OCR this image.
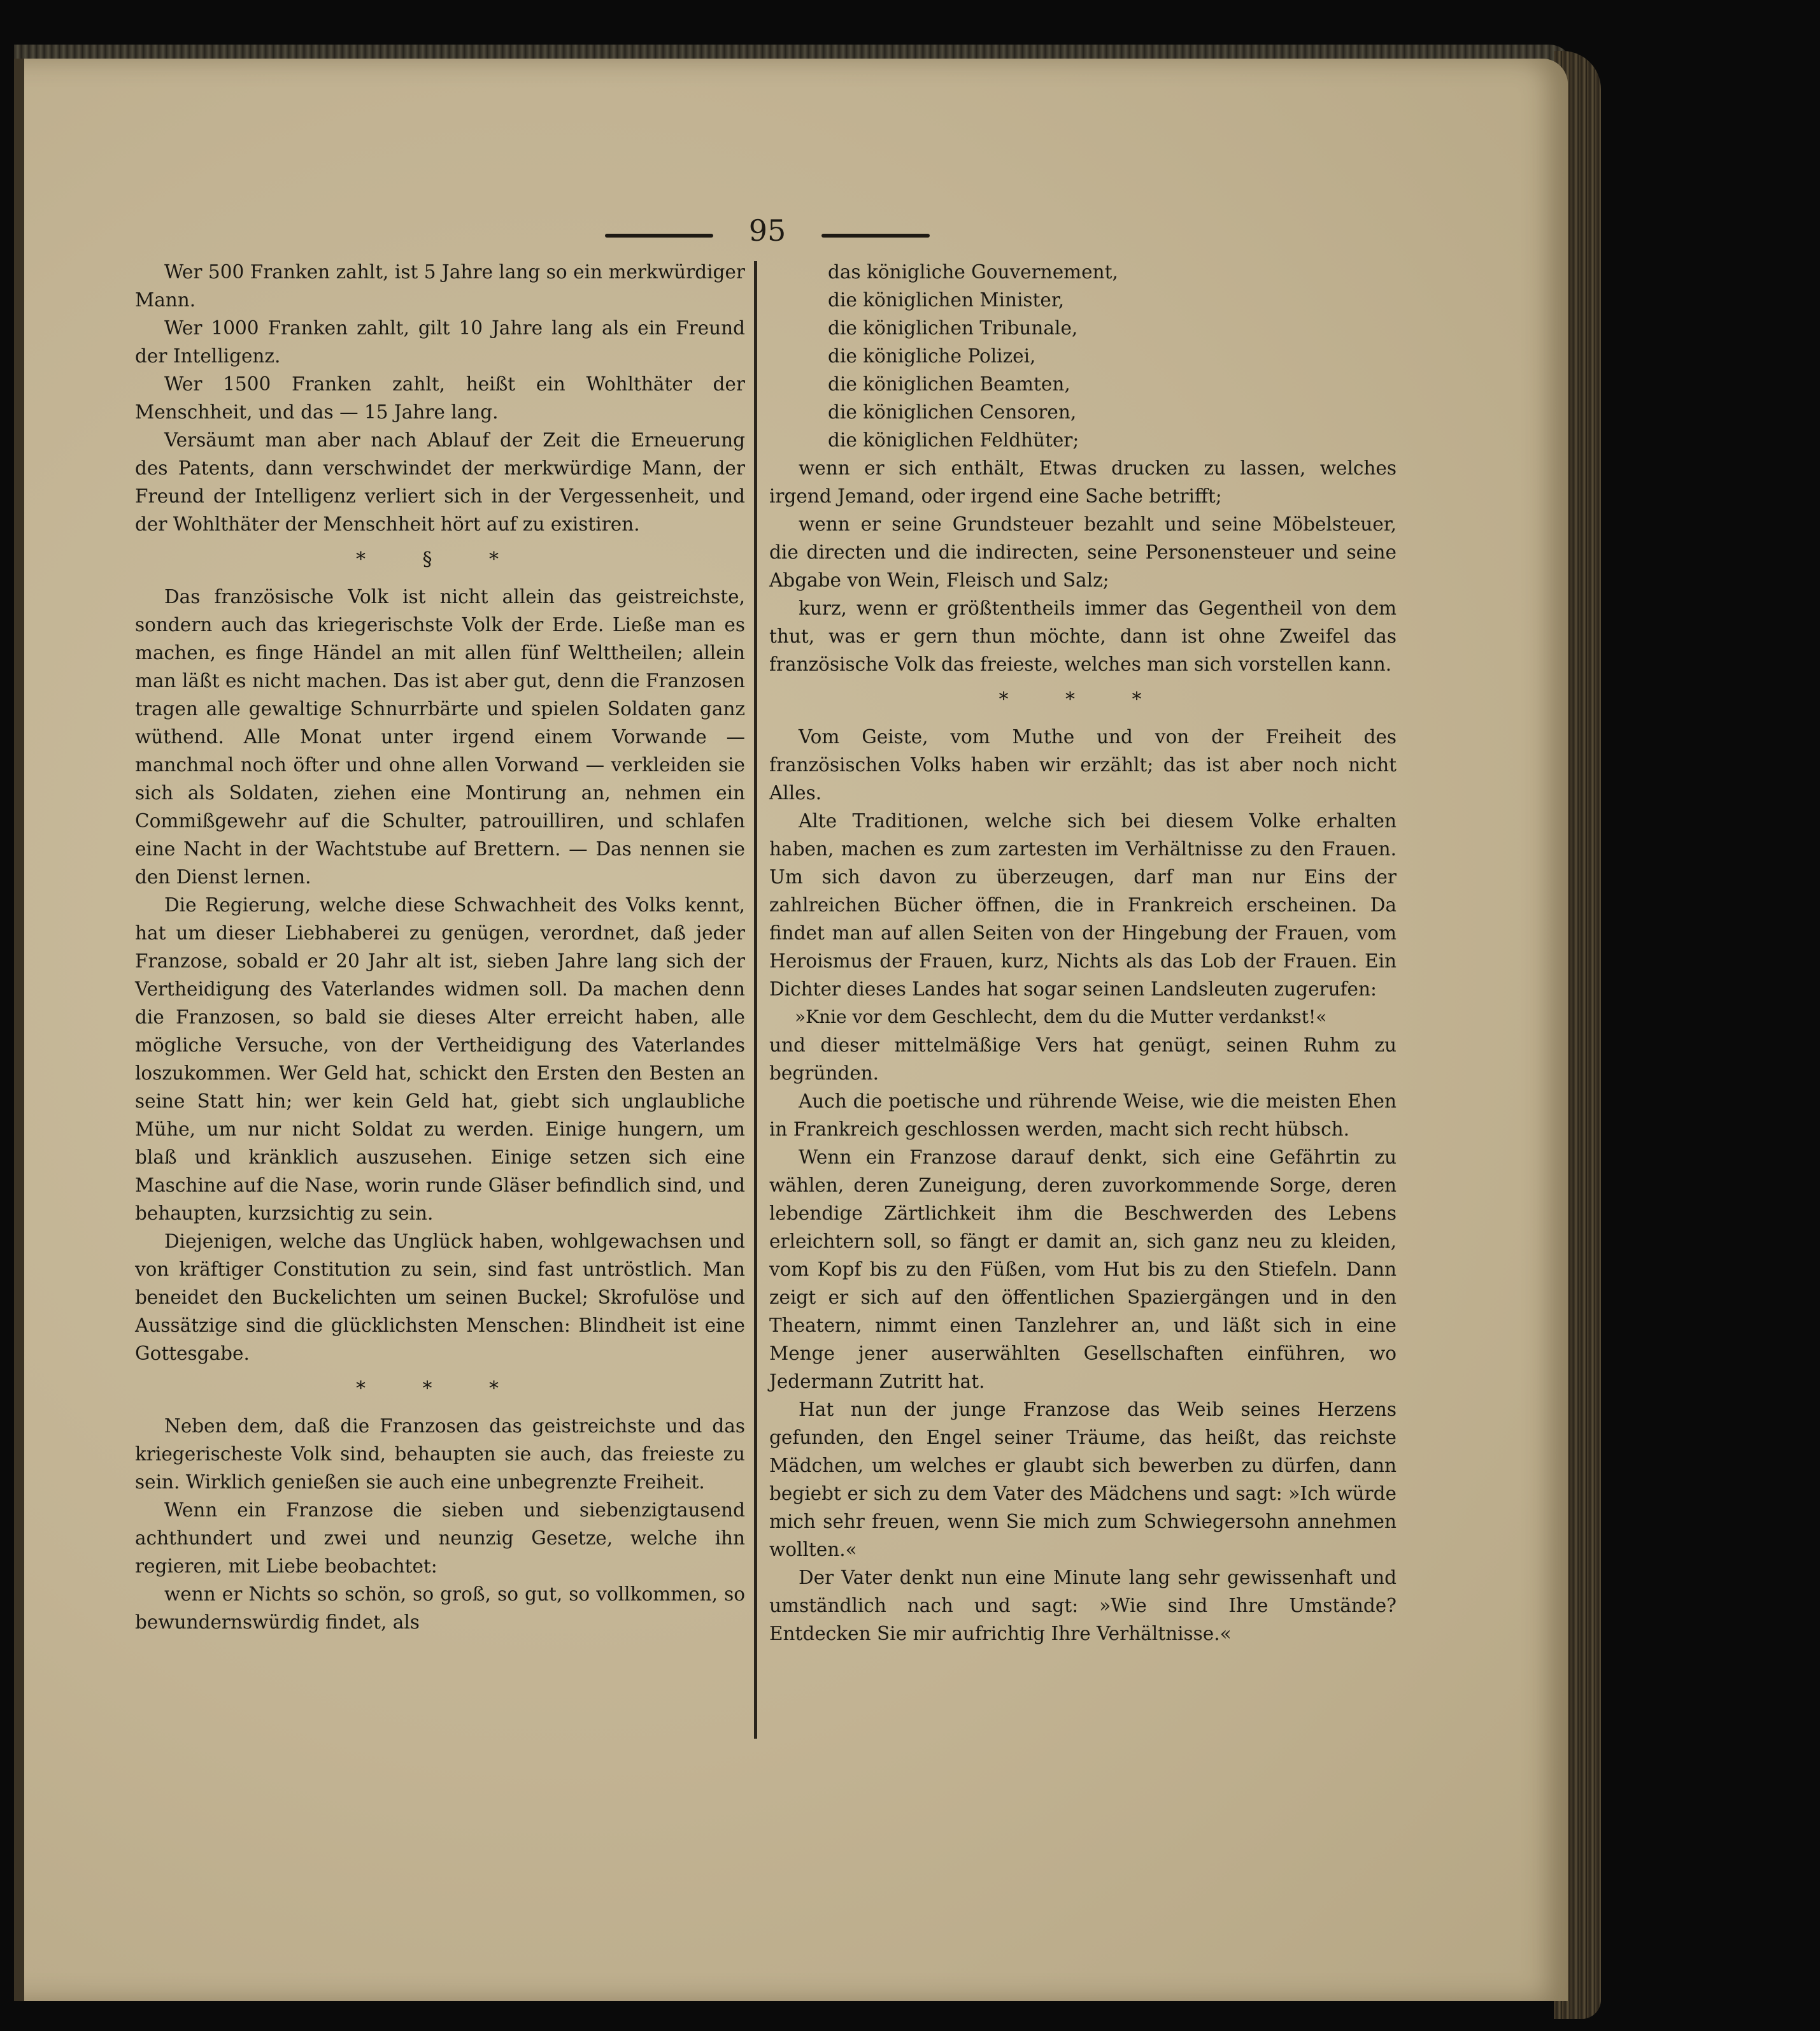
95

Wer 500 Franken zahlt, ist 5 Jahre lang so ein merkwürdiger Mann.

Wer 1000 Franken zahlt, gilt 10 Jahre lang als ein Freund der Intelligenz.

Wer 1500 Franken zahlt, heißt ein Wohlthäter der Menschheit, und das — 15 Jahre lang.

Versäumt man aber nach Ablauf der Zeit die Erneuerung des Patents, dann verschwindet der merkwürdige Mann, der Freund der Intelligenz verliert sich in der Vergessenheit, und der Wohlthäter der Menschheit hört auf zu existiren.

* § *

Das französische Volk ist nicht allein das geistreichste, sondern auch das kriegerischste Volk der Erde. Ließe man es machen, es finge Händel an mit allen fünf Welttheilen; allein man läßt es nicht machen. Das ist aber gut, denn die Franzosen tragen alle gewaltige Schnurrbärte und spielen Soldaten ganz wüthend. Alle Monat unter irgend einem Vorwande — manchmal noch öfter und ohne allen Vorwand — verkleiden sie sich als Soldaten, ziehen eine Montirung an, nehmen ein Commißgewehr auf die Schulter, patrouilliren, und schlafen eine Nacht in der Wachtstube auf Brettern. — Das nennen sie den Dienst lernen.

Die Regierung, welche diese Schwachheit des Volks kennt, hat um dieser Liebhaberei zu genügen, verordnet, daß jeder Franzose, sobald er 20 Jahr alt ist, sieben Jahre lang sich der Vertheidigung des Vaterlandes widmen soll. Da machen denn die Franzosen, so bald sie dieses Alter erreicht haben, alle mögliche Versuche, von der Vertheidigung des Vaterlandes loszukommen. Wer Geld hat, schickt den Ersten den Besten an seine Statt hin; wer kein Geld hat, giebt sich unglaubliche Mühe, um nur nicht Soldat zu werden. Einige hungern, um blaß und kränklich auszusehen. Einige setzen sich eine Maschine auf die Nase, worin runde Gläser befindlich sind, und behaupten, kurzsichtig zu sein.

Diejenigen, welche das Unglück haben, wohlgewachsen und von kräftiger Constitution zu sein, sind fast untröstlich. Man beneidet den Buckelichten um seinen Buckel; Skrofulöse und Aussätzige sind die glücklichsten Menschen: Blindheit ist eine Gottesgabe.

* * *

Neben dem, daß die Franzosen das geistreichste und das kriegerischeste Volk sind, behaupten sie auch, das freieste zu sein. Wirklich genießen sie auch eine unbegrenzte Freiheit.

Wenn ein Franzose die sieben und siebenzigtausend achthundert und zwei und neunzig Gesetze, welche ihn regieren, mit Liebe beobachtet:

wenn er Nichts so schön, so groß, so gut, so vollkommen, so bewundernswürdig findet, als

das königliche Gouvernement,
die königlichen Minister,
die königlichen Tribunale,
die königliche Polizei,
die königlichen Beamten,
die königlichen Censoren,
die königlichen Feldhüter;

wenn er sich enthält, Etwas drucken zu lassen, welches irgend Jemand, oder irgend eine Sache betrifft;

wenn er seine Grundsteuer bezahlt und seine Möbelsteuer, die directen und die indirecten, seine Personensteuer und seine Abgabe von Wein, Fleisch und Salz;

kurz, wenn er größtentheils immer das Gegentheil von dem thut, was er gern thun möchte, dann ist ohne Zweifel das französische Volk das freieste, welches man sich vorstellen kann.

* * *

Vom Geiste, vom Muthe und von der Freiheit des französischen Volks haben wir erzählt; das ist aber noch nicht Alles.

Alte Traditionen, welche sich bei diesem Volke erhalten haben, machen es zum zartesten im Verhältnisse zu den Frauen. Um sich davon zu überzeugen, darf man nur Eins der zahlreichen Bücher öffnen, die in Frankreich erscheinen. Da findet man auf allen Seiten von der Hingebung der Frauen, vom Heroismus der Frauen, kurz, Nichts als das Lob der Frauen. Ein Dichter dieses Landes hat sogar seinen Landsleuten zugerufen:

»Knie vor dem Geschlecht, dem du die Mutter verdankst!«

und dieser mittelmäßige Vers hat genügt, seinen Ruhm zu begründen.

Auch die poetische und rührende Weise, wie die meisten Ehen in Frankreich geschlossen werden, macht sich recht hübsch.

Wenn ein Franzose darauf denkt, sich eine Gefährtin zu wählen, deren Zuneigung, deren zuvorkommende Sorge, deren lebendige Zärtlichkeit ihm die Beschwerden des Lebens erleichtern soll, so fängt er damit an, sich ganz neu zu kleiden, vom Kopf bis zu den Füßen, vom Hut bis zu den Stiefeln. Dann zeigt er sich auf den öffentlichen Spaziergängen und in den Theatern, nimmt einen Tanzlehrer an, und läßt sich in eine Menge jener auserwählten Gesellschaften einführen, wo Jedermann Zutritt hat.

Hat nun der junge Franzose das Weib seines Herzens gefunden, den Engel seiner Träume, das heißt, das reichste Mädchen, um welches er glaubt sich bewerben zu dürfen, dann begiebt er sich zu dem Vater des Mädchens und sagt: »Ich würde mich sehr freuen, wenn Sie mich zum Schwiegersohn annehmen wollten.«

Der Vater denkt nun eine Minute lang sehr gewissenhaft und umständlich nach und sagt: »Wie sind Ihre Umstände? Entdecken Sie mir aufrichtig Ihre Verhältnisse.«
